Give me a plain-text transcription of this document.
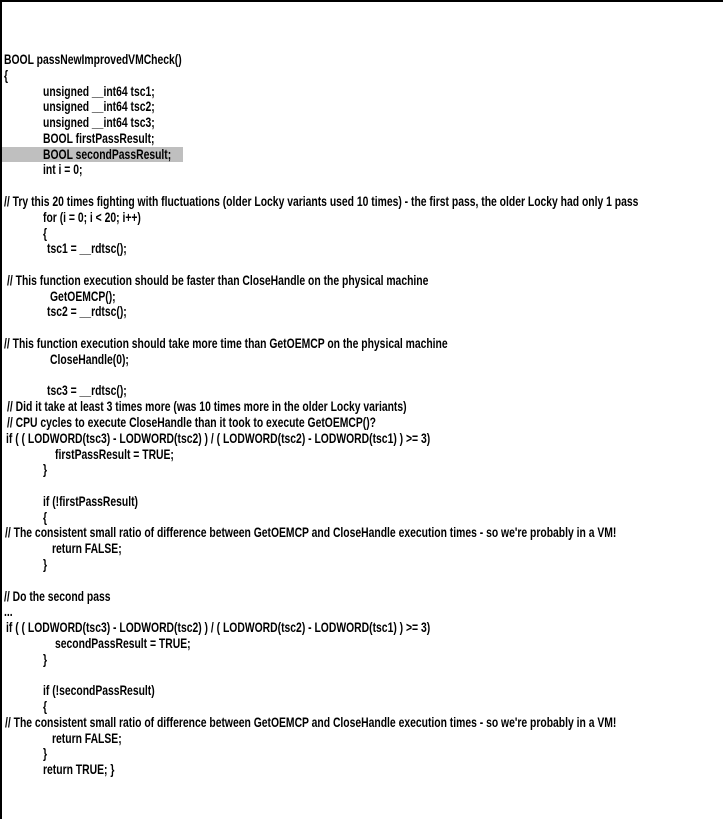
BOOL passNewImprovedVMCheck()
{
unsigned __int64 tsc1;
unsigned __int64 tsc2;
unsigned __int64 tsc3;
BOOL firstPassResult;
BOOL secondPassResult;
int i = 0;
// Try this 20 times fighting with fluctuations (older Locky variants used 10 times) - the first pass, the older Locky had only 1 pass
for (i = 0; i < 20; i++)
{
tsc1 = __rdtsc();
// This function execution should be faster than CloseHandle on the physical machine
GetOEMCP();
tsc2 = __rdtsc();
// This function execution should take more time than GetOEMCP on the physical machine
CloseHandle(0);
tsc3 = __rdtsc();
// Did it take at least 3 times more (was 10 times more in the older Locky variants)
// CPU cycles to execute CloseHandle than it took to execute GetOEMCP()?
if ( ( LODWORD(tsc3) - LODWORD(tsc2) ) / ( LODWORD(tsc2) - LODWORD(tsc1) ) >= 3)
firstPassResult = TRUE;
}
if (!firstPassResult)
{
// The consistent small ratio of difference between GetOEMCP and CloseHandle execution times - so we're probably in a VM!
return FALSE;
}
// Do the second pass
...
if ( ( LODWORD(tsc3) - LODWORD(tsc2) ) / ( LODWORD(tsc2) - LODWORD(tsc1) ) >= 3)
secondPassResult = TRUE;
}
if (!secondPassResult)
{
// The consistent small ratio of difference between GetOEMCP and CloseHandle execution times - so we're probably in a VM!
return FALSE;
}
return TRUE; }
